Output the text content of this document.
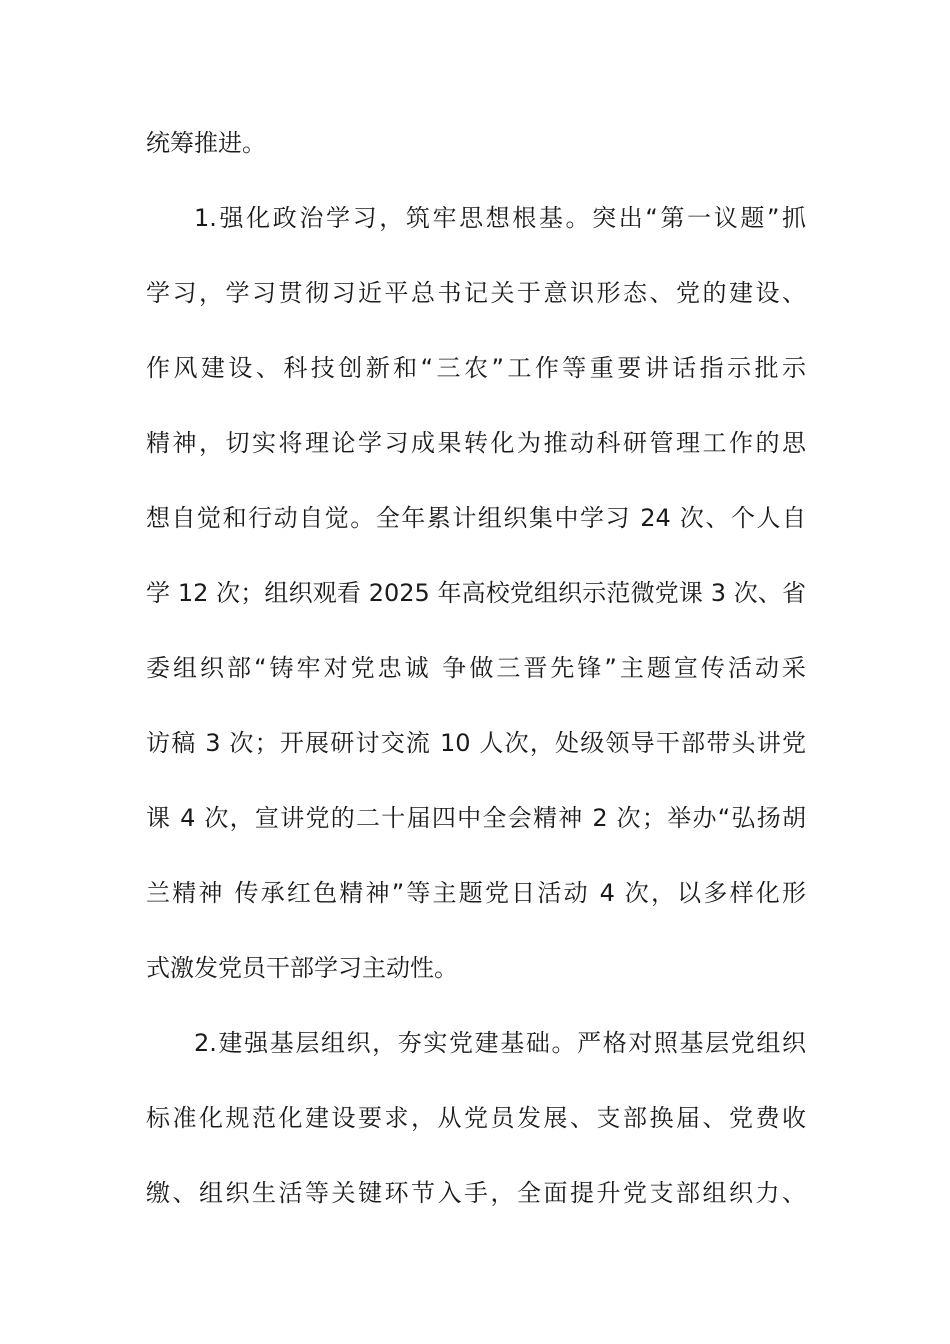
统筹推进。
1.强化政治学习，筑牢思想根基。突出“第一议题”抓
学习，学习贯彻习近平总书记关于意识形态、党的建设、
作风建设、科技创新和“三农”工作等重要讲话指示批示
精神，切实将理论学习成果转化为推动科研管理工作的思
想自觉和行动自觉。全年累计组织集中学习 24 次、个人自
学 12 次；组织观看 2025 年高校党组织示范微党课 3 次、省
委组织部“铸牢对党忠诚 争做三晋先锋”主题宣传活动采
访稿 3 次；开展研讨交流 10 人次，处级领导干部带头讲党
课 4 次，宣讲党的二十届四中全会精神 2 次；举办“弘扬胡
兰精神 传承红色精神”等主题党日活动 4 次，以多样化形
式激发党员干部学习主动性。
2.建强基层组织，夯实党建基础。严格对照基层党组织
标准化规范化建设要求，从党员发展、支部换届、党费收
缴、组织生活等关键环节入手，全面提升党支部组织力、
